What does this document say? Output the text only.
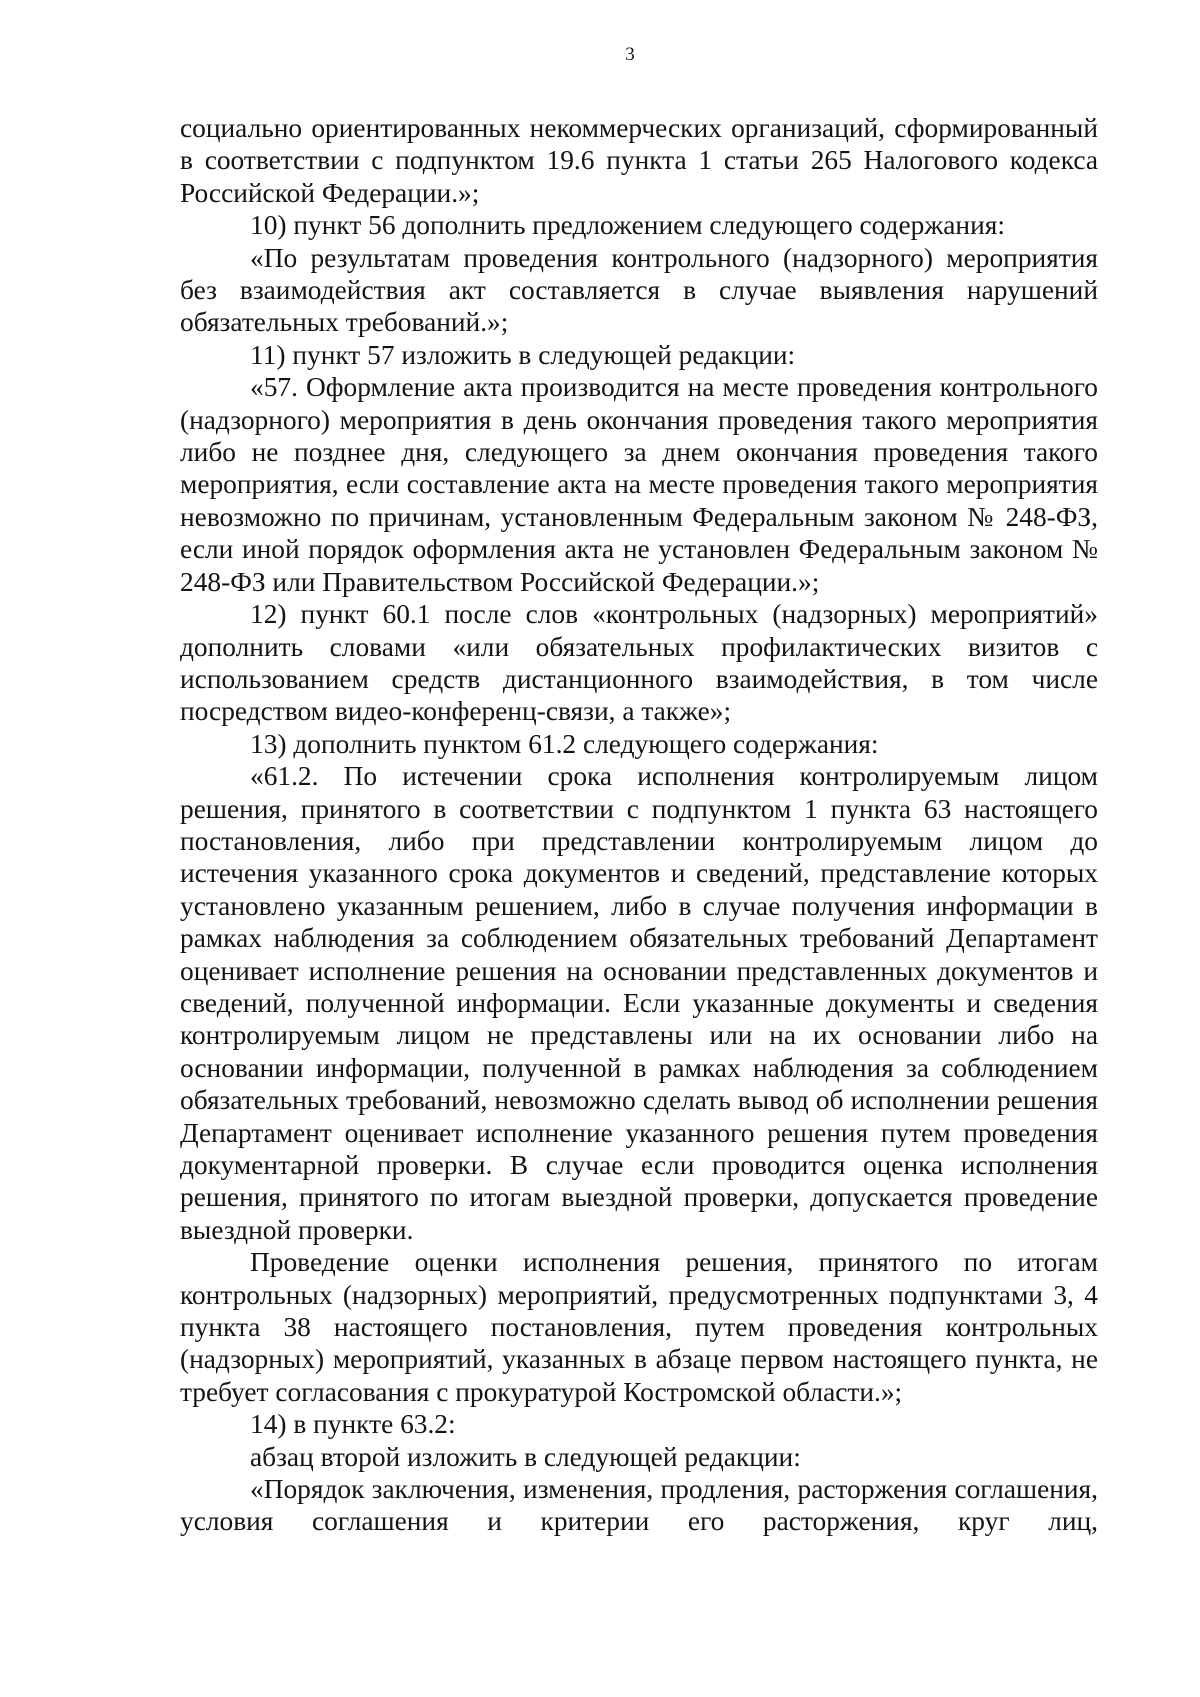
3

социально ориентированных некоммерческих организаций, сформированный в соответствии с подпунктом 19.6 пункта 1 статьи 265 Налогового кодекса Российской Федерации.»;

10) пункт 56 дополнить предложением следующего содержания:

«По результатам проведения контрольного (надзорного) мероприятия без взаимодействия акт составляется в случае выявления нарушений обязательных требований.»;

11) пункт 57 изложить в следующей редакции:

«57. Оформление акта производится на месте проведения контрольного (надзорного) мероприятия в день окончания проведения такого мероприятия либо не позднее дня, следующего за днем окончания проведения такого мероприятия, если составление акта на месте проведения такого мероприятия невозможно по причинам, установленным Федеральным законом № 248-ФЗ, если иной порядок оформления акта не установлен Федеральным законом № 248-ФЗ или Правительством Российской Федерации.»;

12) пункт 60.1 после слов «контрольных (надзорных) мероприятий» дополнить словами «или обязательных профилактических визитов с использованием средств дистанционного взаимодействия, в том числе посредством видео-конференц-связи, а также»;

13) дополнить пунктом 61.2 следующего содержания:

«61.2. По истечении срока исполнения контролируемым лицом решения, принятого в соответствии с подпунктом 1 пункта 63 настоящего постановления, либо при представлении контролируемым лицом до истечения указанного срока документов и сведений, представление которых установлено указанным решением, либо в случае получения информации в рамках наблюдения за соблюдением обязательных требований Департамент оценивает исполнение решения на основании представленных документов и сведений, полученной информации. Если указанные документы и сведения контролируемым лицом не представлены или на их основании либо на основании информации, полученной в рамках наблюдения за соблюдением обязательных требований, невозможно сделать вывод об исполнении решения Департамент оценивает исполнение указанного решения путем проведения документарной проверки. В случае если проводится оценка исполнения решения, принятого по итогам выездной проверки, допускается проведение выездной проверки.

Проведение оценки исполнения решения, принятого по итогам контрольных (надзорных) мероприятий, предусмотренных подпунктами 3, 4 пункта 38 настоящего постановления, путем проведения контрольных (надзорных) мероприятий, указанных в абзаце первом настоящего пункта, не требует согласования с прокуратурой Костромской области.»;

14) в пункте 63.2:

абзац второй изложить в следующей редакции:

«Порядок заключения, изменения, продления, расторжения соглашения, условия соглашения и критерии его расторжения, круг лиц,
